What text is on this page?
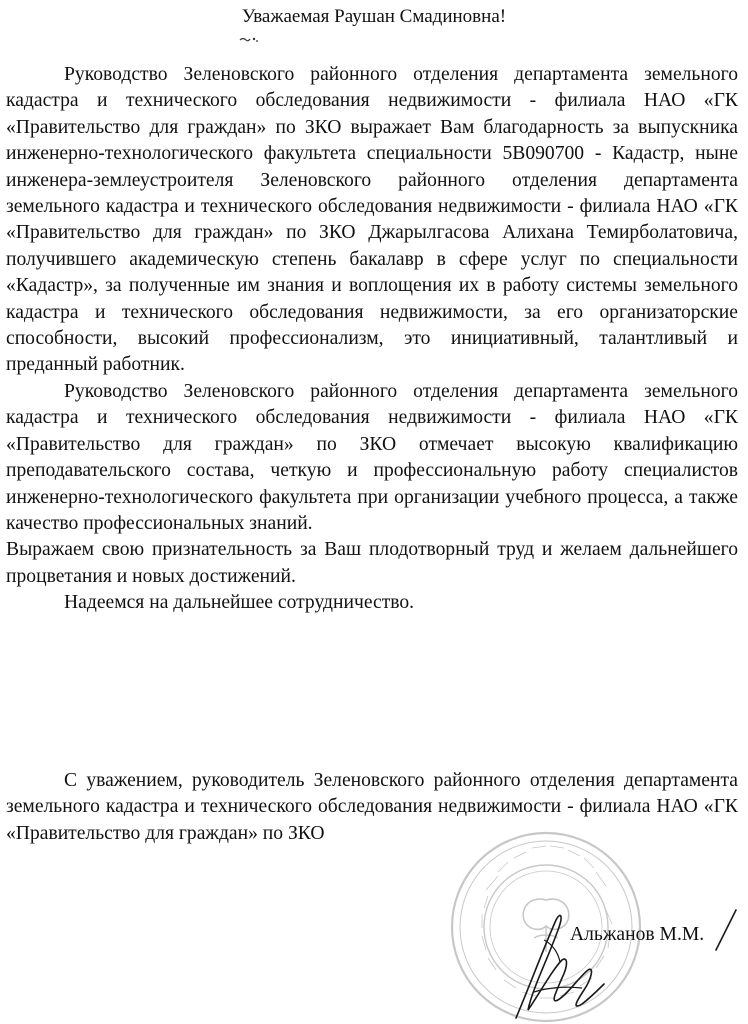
Уважаемая Раушан Смадиновна!

Руководство Зеленовского районного отделения департамента земельного кадастра и технического обследования недвижимости - филиала НАО «ГК «Правительство для граждан» по ЗКО выражает Вам благодарность за выпускника инженерно-технологического факультета специальности 5В090700 - Кадастр, ныне инженера-землеустроителя Зеленовского районного отделения департамента земельного кадастра и технического обследования недвижимости - филиала НАО «ГК «Правительство для граждан» по ЗКО Джарылгасова Алихана Темирболатовича, получившего академическую степень бакалавр в сфере услуг по специальности «Кадастр», за полученные им знания и воплощения их в работу системы земельного кадастра и технического обследования недвижимости, за его организаторские способности, высокий профессионализм, это инициативный, талантливый и преданный работник.

Руководство Зеленовского районного отделения департамента земельного кадастра и технического обследования недвижимости - филиала НАО «ГК «Правительство для граждан» по ЗКО отмечает высокую квалификацию преподавательского состава, четкую и профессиональную работу специалистов инженерно-технологического факультета при организации учебного процесса, а также качество профессиональных знаний.

Выражаем свою признательность за Ваш плодотворный труд и желаем дальнейшего процветания и новых достижений.

Надеемся на дальнейшее сотрудничество.

С уважением, руководитель Зеленовского районного отделения департамента земельного кадастра и технического обследования недвижимости - филиала НАО «ГК «Правительство для граждан» по ЗКО
Альжанов М.М.
